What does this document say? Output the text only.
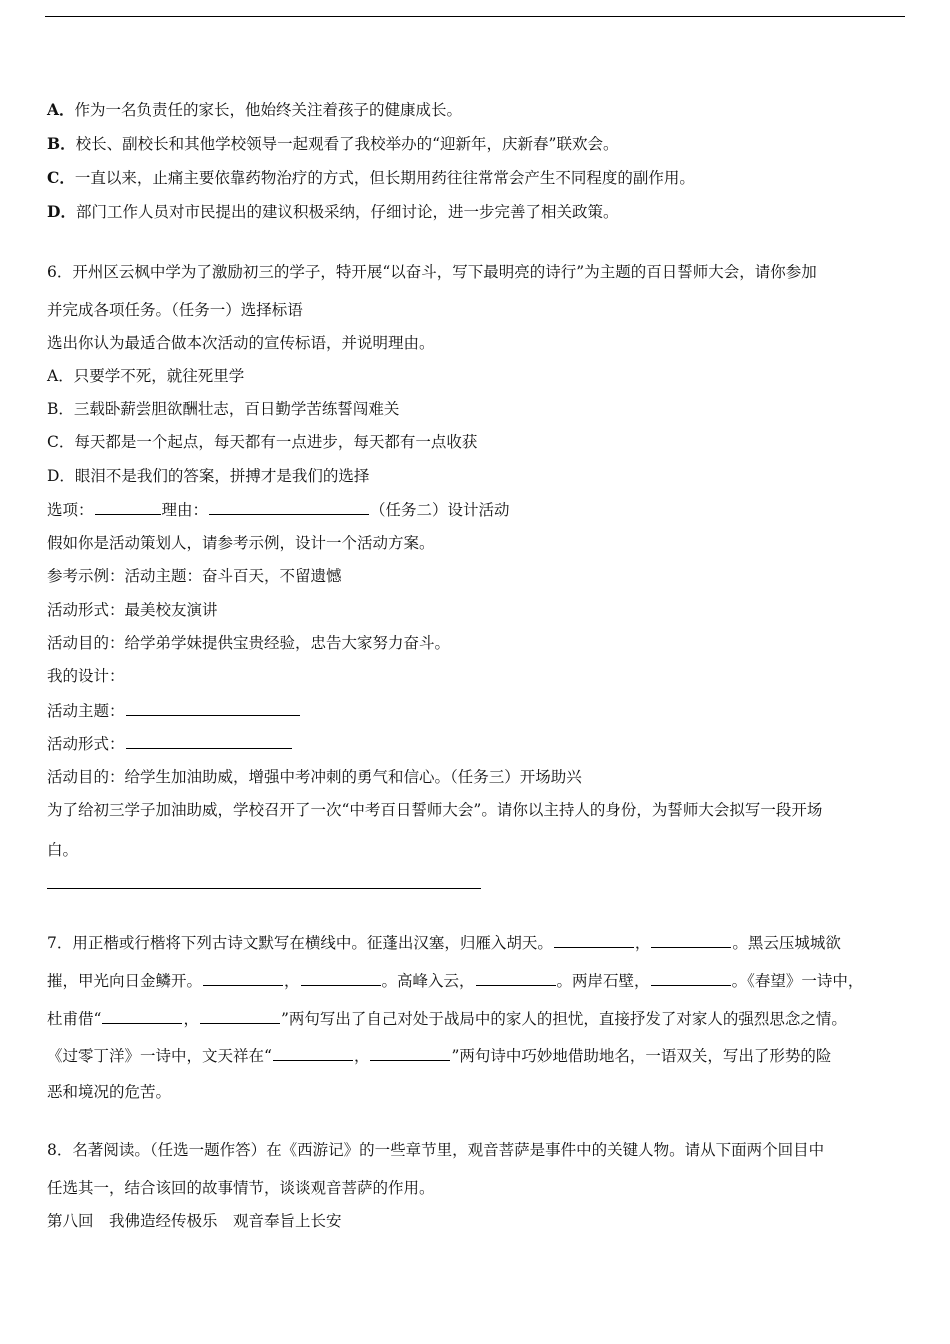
A．作为一名负责任的家长，他始终关注着孩子的健康成长。
B．校长、副校长和其他学校领导一起观看了我校举办的“迎新年，庆新春”联欢会。
C．一直以来，止痛主要依靠药物治疗的方式，但长期用药往往常常会产生不同程度的副作用。
D．部门工作人员对市民提出的建议积极采纳，仔细讨论，进一步完善了相关政策。
6．开州区云枫中学为了激励初三的学子，特开展“以奋斗，写下最明亮的诗行”为主题的百日誓师大会，请你参加
并完成各项任务。（任务一）选择标语
选出你认为最适合做本次活动的宣传标语，并说明理由。
A．只要学不死，就往死里学
B．三载卧薪尝胆欲酬壮志，百日勤学苦练誓闯难关
C．每天都是一个起点，每天都有一点进步，每天都有一点收获
D．眼泪不是我们的答案，拼搏才是我们的选择
选项：	理由：	（任务二）设计活动
假如你是活动策划人，请参考示例，设计一个活动方案。
参考示例：活动主题：奋斗百天，不留遗憾
活动形式：最美校友演讲
活动目的：给学弟学妹提供宝贵经验，忠告大家努力奋斗。
我的设计：
活动主题：
活动形式：
活动目的：给学生加油助威，增强中考冲刺的勇气和信心。（任务三）开场助兴
为了给初三学子加油助威，学校召开了一次“中考百日誓师大会”。请你以主持人的身份，为誓师大会拟写一段开场
白。
7．用正楷或行楷将下列古诗文默写在横线中。征蓬出汉塞，归雁入胡天。	，	。黑云压城城欲
摧，甲光向日金鳞开。	，	。高峰入云，	。两岸石壁，	。《春望》一诗中，
杜甫借“	，	”两句写出了自己对处于战局中的家人的担忧，直接抒发了对家人的强烈思念之情。
《过零丁洋》一诗中，文天祥在“	，	”两句诗中巧妙地借助地名，一语双关，写出了形势的险
恶和境况的危苦。
8．名著阅读。（任选一题作答）在《西游记》的一些章节里，观音菩萨是事件中的关键人物。请从下面两个回目中
任选其一，结合该回的故事情节，谈谈观音菩萨的作用。
第八回　我佛造经传极乐　观音奉旨上长安
